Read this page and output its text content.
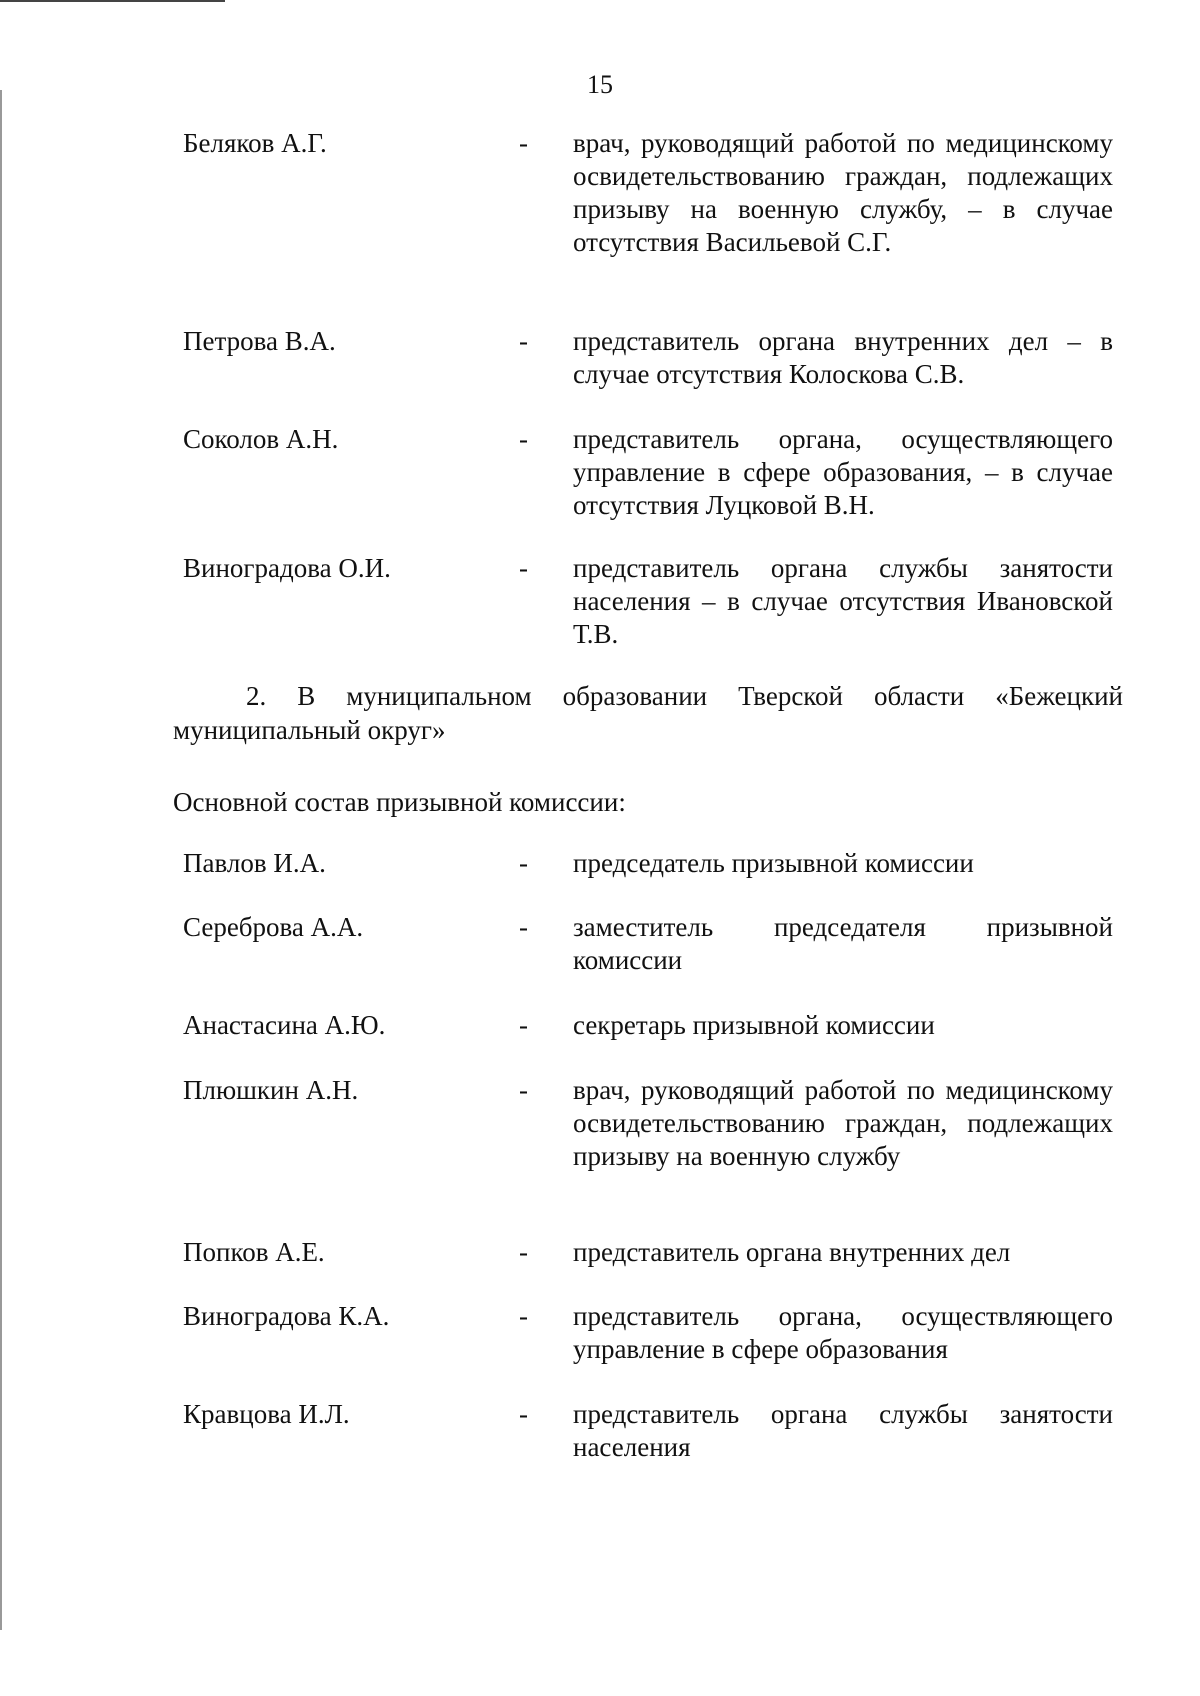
15
Беляков А.Г.	- врач, руководящий работой по медицинскому освидетельствованию граждан, подлежащих призыву на военную службу, – в случае отсутствия Васильевой С.Г.
Петрова В.А.	- представитель органа внутренних дел – в случае отсутствия Колоскова С.В.
Соколов А.Н.	- представитель органа, осуществляющего управление в сфере образования, – в случае отсутствия Луцковой В.Н.
Виноградова О.И.	- представитель органа службы занятости населения – в случае отсутствия Ивановской Т.В.

2. В муниципальном образовании Тверской области «Бежецкий муниципальный округ»

Основной состав призывной комиссии:
Павлов И.А.	- председатель призывной комиссии
Сереброва А.А.	- заместитель председателя призывной комиссии
Анастасина А.Ю.	- секретарь призывной комиссии
Плюшкин А.Н.	- врач, руководящий работой по медицинскому освидетельствованию граждан, подлежащих призыву на военную службу
Попков А.Е.	- представитель органа внутренних дел
Виноградова К.А.	- представитель органа, осуществляющего управление в сфере образования
Кравцова И.Л.	- представитель органа службы занятости населения
